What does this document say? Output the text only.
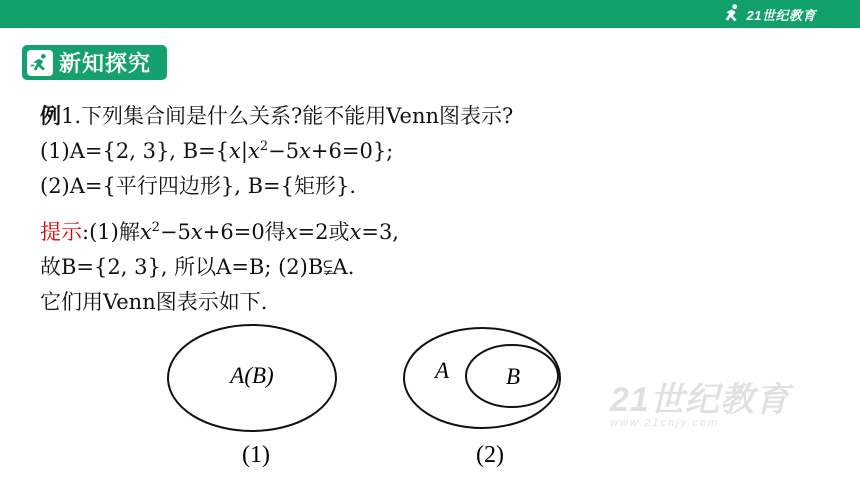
21世纪教育
新知探究
例1.下列集合间是什么关系?能不能用Venn图表示?
(1)A={2, 3}, $B=\{x|x^2-5x+6=0\}$;
(2)A={平行四边形}, B={矩形}.
提示:(1)解$x^2-5x+6=0$得x=2或x=3,
故B={2, 3}, 所以A=B; (2)B⫋A.
它们用Venn图表示如下.
A(B)
(1)
A B
(2)
21世纪教育
www.21cnjy.com
